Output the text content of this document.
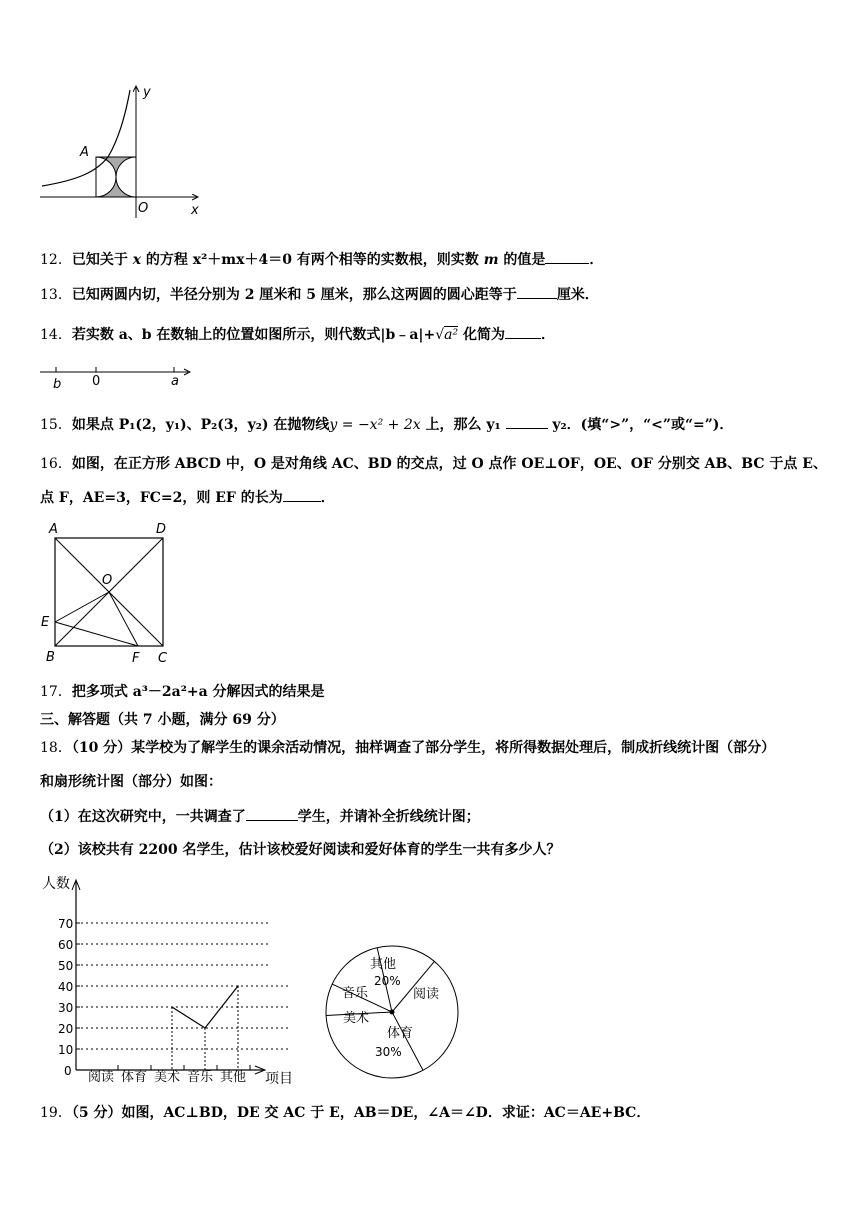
y
x
O
A
12．已知关于 x 的方程 x²＋mx＋4＝0 有两个相等的实数根，则实数 m 的值是	．
13．已知两圆内切，半径分别为 2 厘米和 5 厘米，那么这两圆的圆心距等于	厘米．
14．若实数 a、b 在数轴上的位置如图所示，则代数式|b﹣a|+√a² 化简为	．
b 0	a
15．如果点 P₁(2，y₁)、P₂(3，y₂) 在抛物线y = −x² + 2x 上，那么 y₁	y₂．(填“>”，“<”或“=”)．
16．如图，在正方形 ABCD 中，O 是对角线 AC、BD 的交点，过 O 点作 OE⊥OF，OE、OF 分别交 AB、BC 于点 E、
点 F，AE=3，FC=2，则 EF 的长为	．
A	D
O
E
B	F C
17．把多项式 a³－2a²+a 分解因式的结果是
三、解答题（共 7 小题，满分 69 分）
18．（10 分）某学校为了解学生的课余活动情况，抽样调查了部分学生，将所得数据处理后，制成折线统计图（部分）
和扇形统计图（部分）如图：
（1）在这次研究中，一共调查了	学生，并请补全折线统计图；
（2）该校共有 2200 名学生，估计该校爱好阅读和爱好体育的学生一共有多少人？
人数
项目
0
10
20
30
40
50
60
70
阅读 体育 美术 音乐 其他
其他
20%
阅读
体育
30%
美术
音乐
19．（5 分）如图，AC⊥BD，DE 交 AC 于 E，AB＝DE，∠A＝∠D．求证：AC＝AE+BC．
